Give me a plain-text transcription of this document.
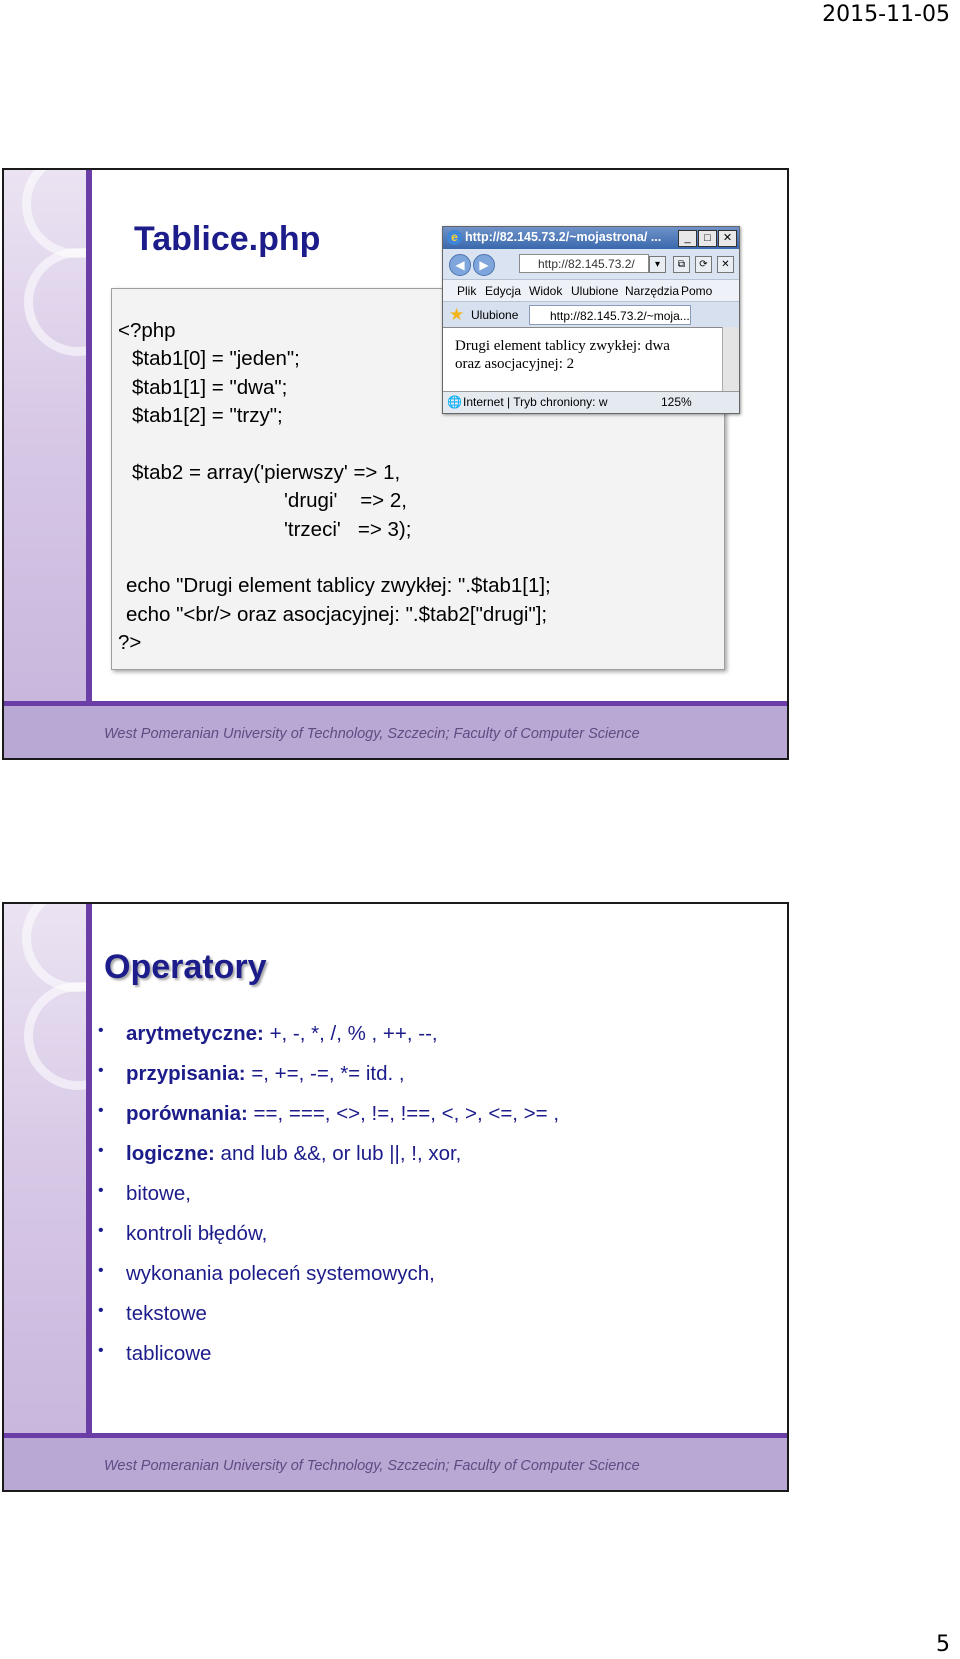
2015-11-05
Tablice.php
<?php
$tab1[0] = "jeden";
$tab1[1] = "dwa";
$tab1[2] = "trzy";
$tab2 = array('pierwszy' => 1,
'drugi'    => 2,
'trzeci'   => 3);
echo "Drugi element tablicy zwykłej: ".$tab1[1];
echo "<br/> oraz asocjacyjnej: ".$tab2["drugi"];
?>
e http://82.145.73.2/~mojastrona/ ...	_	□	✕
◀	▶	http://82.145.73.2/	▾	⧉	⟳	✕
Plik Edycja Widok Ulubione Narzędzia Pomo
★ Ulubione	http://82.145.73.2/~moja...
Drugi element tablicy zwykłej: dwa
oraz asocjacyjnej: 2
🌐 Internet | Tryb chroniony: w	125%
West Pomeranian University of Technology, Szczecin; Faculty of Computer Science
Operatory
• arytmetyczne: +, -, *, /, % , ++, --,
• przypisania: =, +=, -=, *= itd. ,
• porównania: ==, ===, <>, !=, !==, <, >, <=, >= ,
• logiczne: and lub &&, or lub ||, !, xor,
• bitowe,
• kontroli błędów,
• wykonania poleceń systemowych,
• tekstowe
• tablicowe
West Pomeranian University of Technology, Szczecin; Faculty of Computer Science
5
